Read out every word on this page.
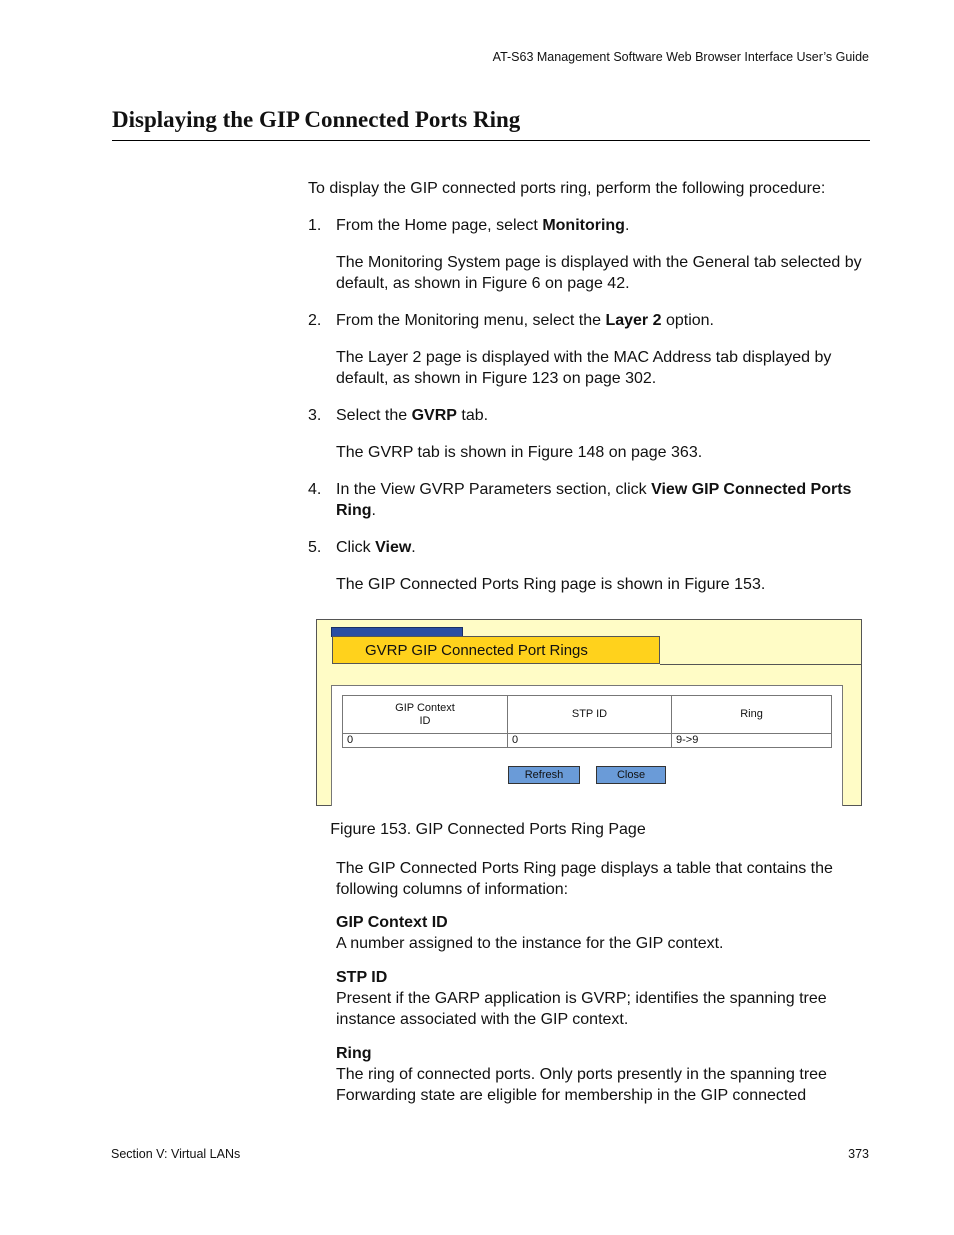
AT-S63 Management Software Web Browser Interface User’s Guide
Displaying the GIP Connected Ports Ring

To display the GIP connected ports ring, perform the following procedure:

1. From the Home page, select Monitoring.

The Monitoring System page is displayed with the General tab selected by default, as shown in Figure 6 on page 42.

2. From the Monitoring menu, select the Layer 2 option.

The Layer 2 page is displayed with the MAC Address tab displayed by default, as shown in Figure 123 on page 302.

3. Select the GVRP tab.

The GVRP tab is shown in Figure 148 on page 363.

4. In the View GVRP Parameters section, click View GIP Connected Ports Ring.
5. Click View.

The GIP Connected Ports Ring page is shown in Figure 153.

GVRP GIP Connected Port Rings
GIP Context
ID	STP ID	Ring
0	0	9->9
Refresh	Close
Figure 153. GIP Connected Ports Ring Page

The GIP Connected Ports Ring page displays a table that contains the following columns of information:

GIP Context ID

A number assigned to the instance for the GIP context.

STP ID

Present if the GARP application is GVRP; identifies the spanning tree instance associated with the GIP context.

Ring

The ring of connected ports. Only ports presently in the spanning tree Forwarding state are eligible for membership in the GIP connected

Section V: Virtual LANs	373
